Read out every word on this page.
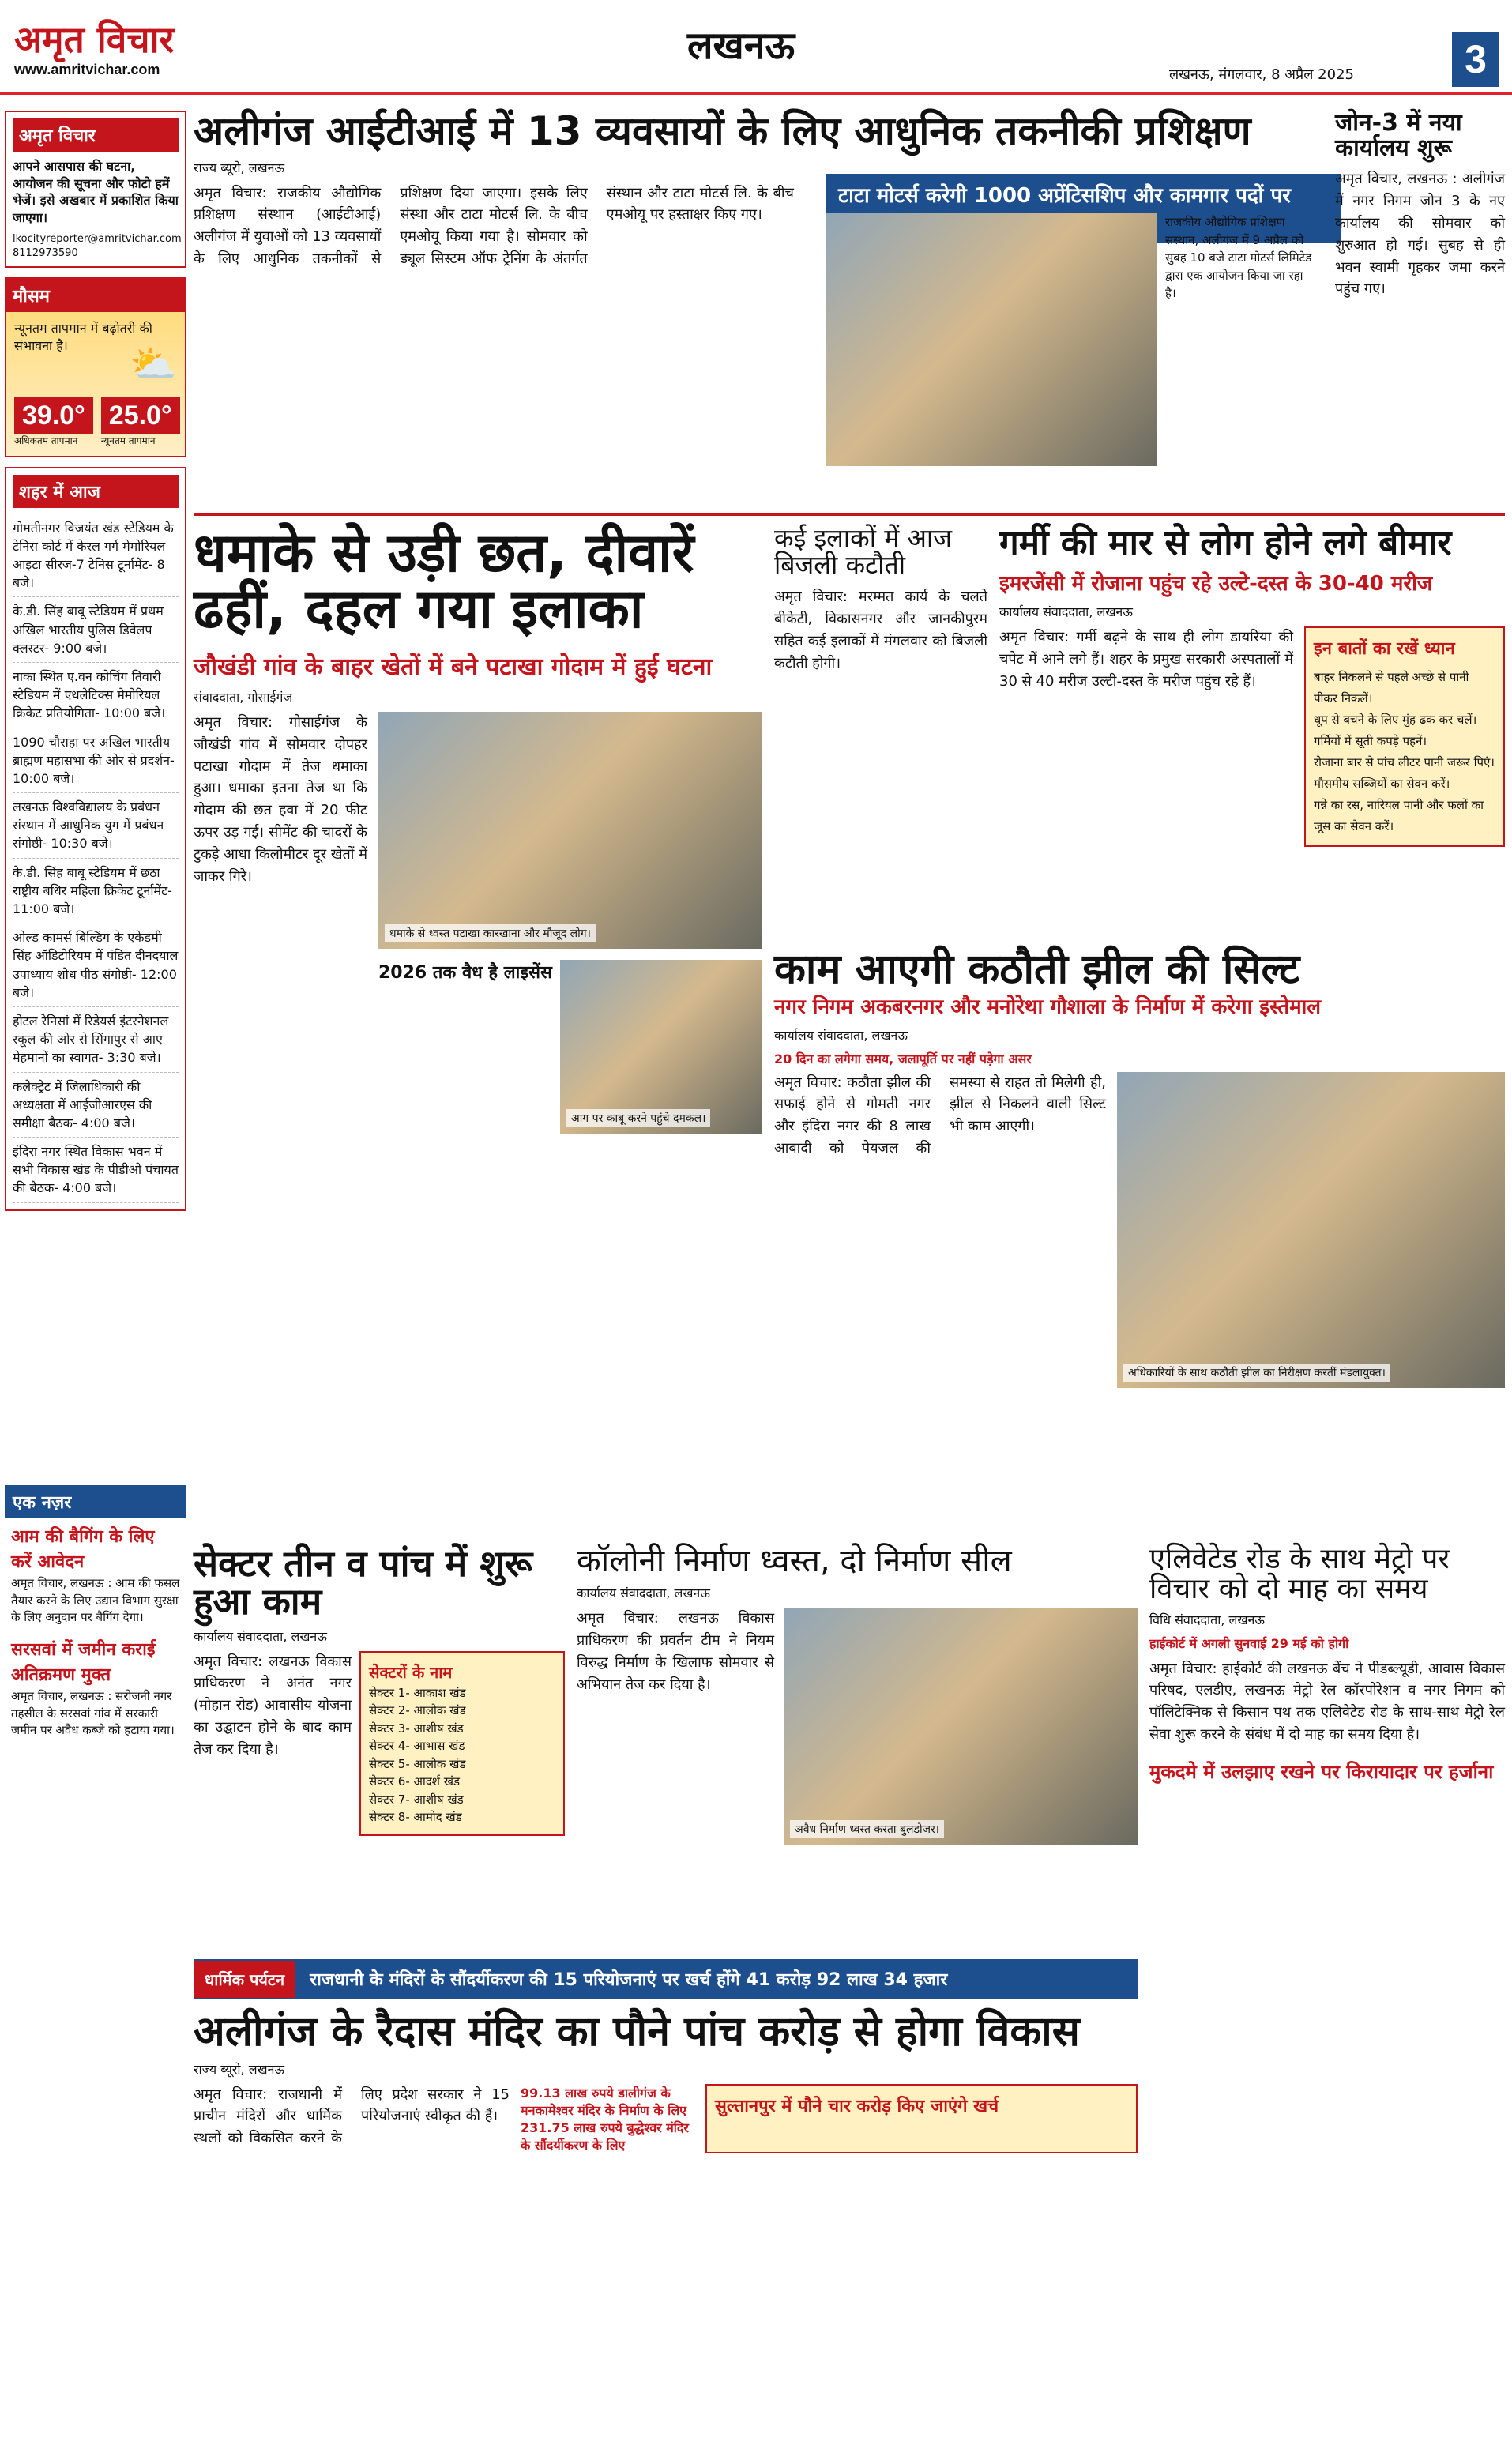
अमृत विचार
www.amritvichar.com
लखनऊ
लखनऊ, मंगलवार, 8 अप्रैल 2025	3
अमृत विचार
आपने आसपास की घटना, आयोजन की सूचना और फोटो हमें भेजें। इसे अखबार में प्रकाशित किया जाएगा।
lkocityreporter@amritvichar.com
8112973590
मौसम
न्यूनतम तापमान में बढ़ोतरी की संभावना है।	⛅
39.0°
अधिकतम तापमान
25.0°
न्यूनतम तापमान
शहर में आज
गोमतीनगर विजयंत खंड स्टेडियम के टेनिस कोर्ट में केरल गर्ग मेमोरियल आइटा सीरज-7 टेनिस टूर्नामेंट- 8 बजे।
के.डी. सिंह बाबू स्टेडियम में प्रथम अखिल भारतीय पुलिस डिवेलप क्लस्टर- 9:00 बजे।
नाका स्थित ए.वन कोचिंग तिवारी स्टेडियम में एथलेटिक्स मेमोरियल क्रिकेट प्रतियोगिता- 10:00 बजे।
1090 चौराहा पर अखिल भारतीय ब्राह्मण महासभा की ओर से प्रदर्शन- 10:00 बजे।
लखनऊ विश्वविद्यालय के प्रबंधन संस्थान में आधुनिक युग में प्रबंधन संगोष्ठी- 10:30 बजे।
के.डी. सिंह बाबू स्टेडियम में छठा राष्ट्रीय बधिर महिला क्रिकेट टूर्नामेंट- 11:00 बजे।
ओल्ड कामर्स बिल्डिंग के एकेडमी सिंह ऑडिटोरियम में पंडित दीनदयाल उपाध्याय शोध पीठ संगोष्ठी- 12:00 बजे।
होटल रेनिसां में रिडेयर्स इंटरनेशनल स्कूल की ओर से सिंगापुर से आए मेहमानों का स्वागत- 3:30 बजे।
कलेक्ट्रेट में जिलाधिकारी की अध्यक्षता में आईजीआरएस की समीक्षा बैठक- 4:00 बजे।
इंदिरा नगर स्थित विकास भवन में सभी विकास खंड के पीडीओ पंचायत की बैठक- 4:00 बजे।
एक नज़र
आम की बैगिंग के लिए करें आवेदन
अमृत विचार, लखनऊ : आम की फसल तैयार करने के लिए उद्यान विभाग सुरक्षा के लिए अनुदान पर बैगिंग देगा।
सरसवां में जमीन कराई अतिक्रमण मुक्त
अमृत विचार, लखनऊ : सरोजनी नगर तहसील के सरसवां गांव में सरकारी जमीन पर अवैध कब्जे को हटाया गया।
अलीगंज आईटीआई में 13 व्यवसायों के लिए आधुनिक तकनीकी प्रशिक्षण
टाटा मोटर्स करेगी 1000 अप्रेंटिसशिप और कामगार पदों पर
राज्य ब्यूरो, लखनऊ
अमृत विचार: राजकीय औद्योगिक प्रशिक्षण संस्थान (आईटीआई) अलीगंज में युवाओं को 13 व्यवसायों के लिए आधुनिक तकनीकों से प्रशिक्षण दिया जाएगा। इसके लिए संस्था और टाटा मोटर्स लि. के बीच एमओयू किया गया है। सोमवार को ड्यूल सिस्टम ऑफ ट्रेनिंग के अंतर्गत संस्थान और टाटा मोटर्स लि. के बीच एमओयू पर हस्ताक्षर किए गए।	राजकीय औद्योगिक प्रशिक्षण संस्थान, अलीगंज में 9 अप्रैल को सुबह 10 बजे टाटा मोटर्स लिमिटेड द्वारा एक आयोजन किया जा रहा है।
जोन-3 में नया कार्यालय शुरू
अमृत विचार, लखनऊ : अलीगंज में नगर निगम जोन 3 के नए कार्यालय की सोमवार को शुरुआत हो गई। सुबह से ही भवन स्वामी गृहकर जमा करने पहुंच गए।
धमाके से उड़ी छत, दीवारें ढहीं, दहल गया इलाका
जौखंडी गांव के बाहर खेतों में बने पटाखा गोदाम में हुई घटना
संवाददाता, गोसाईगंज
अमृत विचार: गोसाईगंज के जौखंडी गांव में सोमवार दोपहर पटाखा गोदाम में तेज धमाका हुआ। धमाका इतना तेज था कि गोदाम की छत हवा में 20 फीट ऊपर उड़ गई। सीमेंट की चादरों के टुकड़े आधा किलोमीटर दूर खेतों में जाकर गिरे।
धमाके से ध्वस्त पटाखा कारखाना और मौजूद लोग।
2026 तक वैध है लाइसेंस
आग पर काबू करने पहुंचे दमकल।
कई इलाकों में आज बिजली कटौती
अमृत विचार: मरम्मत कार्य के चलते बीकेटी, विकासनगर और जानकीपुरम सहित कई इलाकों में मंगलवार को बिजली कटौती होगी।
गर्मी की मार से लोग होने लगे बीमार
इमरजेंसी में रोजाना पहुंच रहे उल्टे-दस्त के 30-40 मरीज
कार्यालय संवाददाता, लखनऊ
अमृत विचार: गर्मी बढ़ने के साथ ही लोग डायरिया की चपेट में आने लगे हैं। शहर के प्रमुख सरकारी अस्पतालों में 30 से 40 मरीज उल्टी-दस्त के मरीज पहुंच रहे हैं।
इन बातों का रखें ध्यान
बाहर निकलने से पहले अच्छे से पानी पीकर निकलें।
धूप से बचने के लिए मुंह ढक कर चलें।
गर्मियों में सूती कपड़े पहनें।
रोजाना बार से पांच लीटर पानी जरूर पिएं।
मौसमीय सब्जियों का सेवन करें।
गन्ने का रस, नारियल पानी और फलों का जूस का सेवन करें।
काम आएगी कठौती झील की सिल्ट
नगर निगम अकबरनगर और मनोरेथा गौशाला के निर्माण में करेगा इस्तेमाल
कार्यालय संवाददाता, लखनऊ
20 दिन का लगेगा समय, जलापूर्ति पर नहीं पड़ेगा असर
अमृत विचार: कठौता झील की सफाई होने से गोमती नगर और इंदिरा नगर की 8 लाख आबादी को पेयजल की समस्या से राहत तो मिलेगी ही, झील से निकलने वाली सिल्ट भी काम आएगी।
अधिकारियों के साथ कठौती झील का निरीक्षण करतीं मंडलायुक्त।
सेक्टर तीन व पांच में शुरू हुआ काम
कार्यालय संवाददाता, लखनऊ
अमृत विचार: लखनऊ विकास प्राधिकरण ने अनंत नगर (मोहान रोड) आवासीय योजना का उद्घाटन होने के बाद काम तेज कर दिया है।
सेक्टरों के नाम
सेक्टर 1- आकाश खंड
सेक्टर 2- आलोक खंड
सेक्टर 3- आशीष खंड
सेक्टर 4- आभास खंड
सेक्टर 5- आलोक खंड
सेक्टर 6- आदर्श खंड
सेक्टर 7- आशीष खंड
सेक्टर 8- आमोद खंड
कॉलोनी निर्माण ध्वस्त, दो निर्माण सील
कार्यालय संवाददाता, लखनऊ
अमृत विचार: लखनऊ विकास प्राधिकरण की प्रवर्तन टीम ने नियम विरुद्ध निर्माण के खिलाफ सोमवार से अभियान तेज कर दिया है।
अवैध निर्माण ध्वस्त करता बुलडोजर।
एलिवेटेड रोड के साथ मेट्रो पर विचार को दो माह का समय
विधि संवाददाता, लखनऊ
हाईकोर्ट में अगली सुनवाई 29 मई को होगी
अमृत विचार: हाईकोर्ट की लखनऊ बेंच ने पीडब्ल्यूडी, आवास विकास परिषद, एलडीए, लखनऊ मेट्रो रेल कॉरपोरेशन व नगर निगम को पॉलिटेक्निक से किसान पथ तक एलिवेटेड रोड के साथ-साथ मेट्रो रेल सेवा शुरू करने के संबंध में दो माह का समय दिया है।
मुकदमे में उलझाए रखने पर किरायादार पर हर्जाना
धार्मिक पर्यटन	राजधानी के मंदिरों के सौंदर्यीकरण की 15 परियोजनाएं पर खर्च होंगे 41 करोड़ 92 लाख 34 हजार
अलीगंज के रैदास मंदिर का पौने पांच करोड़ से होगा विकास
राज्य ब्यूरो, लखनऊ
अमृत विचार: राजधानी में प्राचीन मंदिरों और धार्मिक स्थलों को विकसित करने के लिए प्रदेश सरकार ने 15 परियोजनाएं स्वीकृत की हैं।
99.13 लाख रुपये डालीगंज के मनकामेश्वर मंदिर के निर्माण के लिए 231.75 लाख रुपये बुद्धेश्वर मंदिर के सौंदर्यीकरण के लिए
सुल्तानपुर में पौने चार करोड़ किए जाएंगे खर्च
